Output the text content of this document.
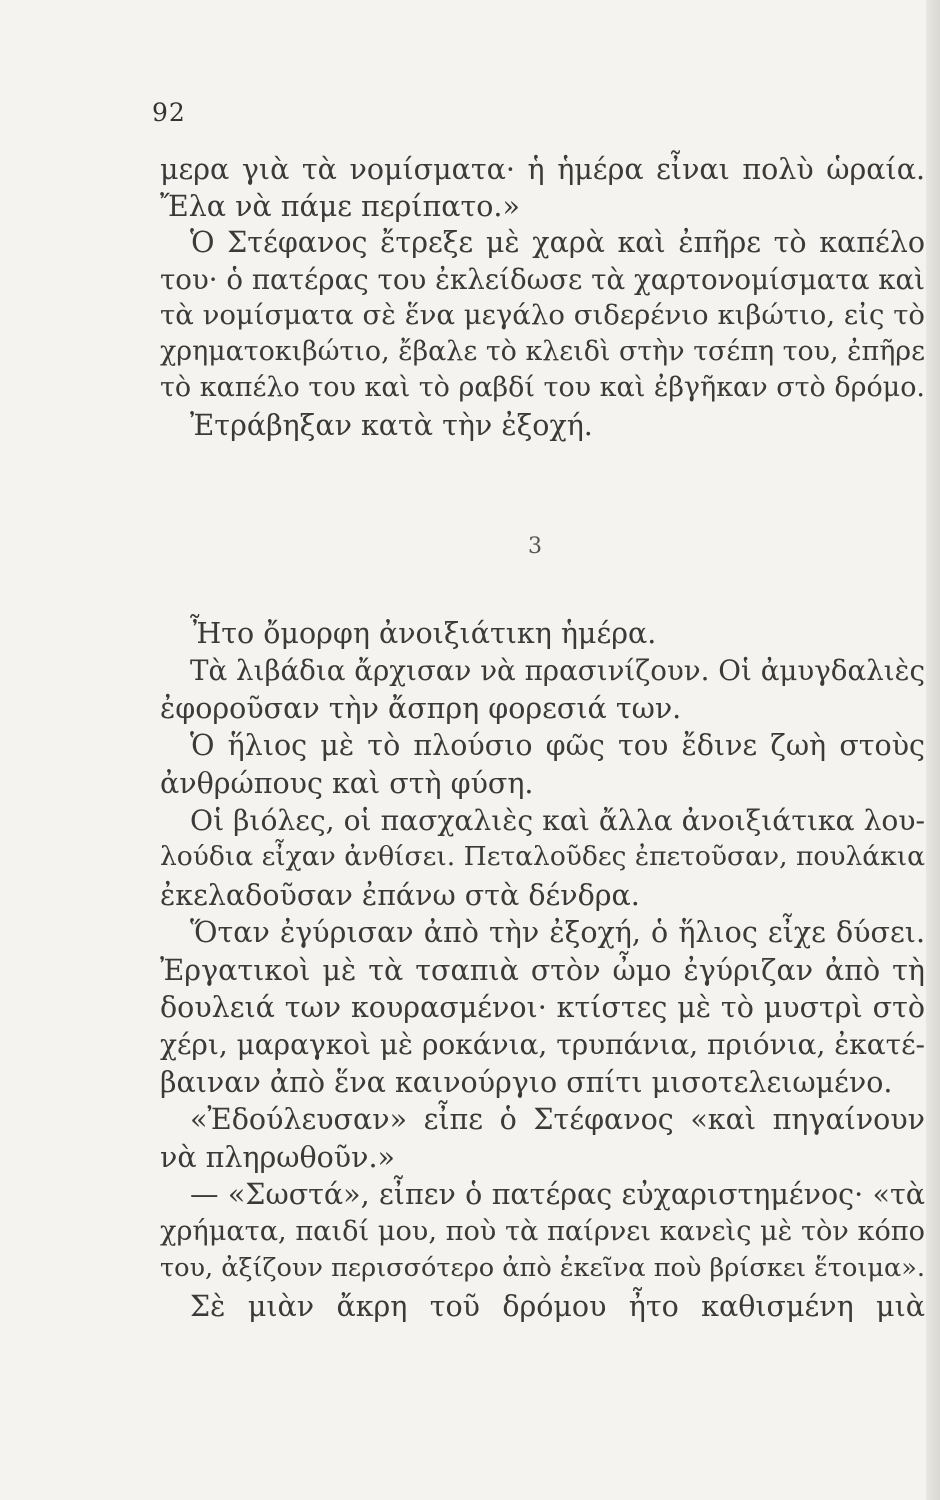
92
μερα γιὰ τὰ νομίσματα· ἡ ἡμέρα εἶναι πολὺ ὡραία.
Ἔλα νὰ πάμε περίπατο.»
Ὁ Στέφανος ἔτρεξε μὲ χαρὰ καὶ ἐπῆρε τὸ καπέλο
του· ὁ πατέρας του ἐκλείδωσε τὰ χαρτονομίσματα καὶ
τὰ νομίσματα σὲ ἕνα μεγάλο σιδερένιο κιβώτιο, εἰς τὸ
χρηματοκιβώτιο, ἔβαλε τὸ κλειδὶ στὴν τσέπη του, ἐπῆρε
τὸ καπέλο του καὶ τὸ ραβδί του καὶ ἐβγῆκαν στὸ δρόμο.
Ἐτράβηξαν κατὰ τὴν ἐξοχή.
3
Ἦτο ὄμορφη ἀνοιξιάτικη ἡμέρα.
Τὰ λιβάδια ἄρχισαν νὰ πρασινίζουν. Οἱ ἀμυγδαλιὲς
ἐφοροῦσαν τὴν ἄσπρη φορεσιά των.
Ὁ ἥλιος μὲ τὸ πλούσιο φῶς του ἔδινε ζωὴ στοὺς
ἀνθρώπους καὶ στὴ φύση.
Οἱ βιόλες, οἱ πασχαλιὲς καὶ ἄλλα ἀνοιξιάτικα λου-
λούδια εἶχαν ἀνθίσει. Πεταλοῦδες ἐπετοῦσαν, πουλάκια
ἐκελαδοῦσαν ἐπάνω στὰ δένδρα.
Ὅταν ἐγύρισαν ἀπὸ τὴν ἐξοχή, ὁ ἥλιος εἶχε δύσει.
Ἐργατικοὶ μὲ τὰ τσαπιὰ στὸν ὦμο ἐγύριζαν ἀπὸ τὴ
δουλειά των κουρασμένοι· κτίστες μὲ τὸ μυστρὶ στὸ
χέρι, μαραγκοὶ μὲ ροκάνια, τρυπάνια, πριόνια, ἐκατέ-
βαιναν ἀπὸ ἕνα καινούργιο σπίτι μισοτελειωμένο.
«Ἐδούλευσαν» εἶπε ὁ Στέφανος «καὶ πηγαίνουν
νὰ πληρωθοῦν.»
— «Σωστά», εἶπεν ὁ πατέρας εὐχαριστημένος· «τὰ
χρήματα, παιδί μου, ποὺ τὰ παίρνει κανεὶς μὲ τὸν κόπο
του, ἀξίζουν περισσότερο ἀπὸ ἐκεῖνα ποὺ βρίσκει ἕτοιμα».
Σὲ μιὰν ἄκρη τοῦ δρόμου ἦτο καθισμένη μιὰ
